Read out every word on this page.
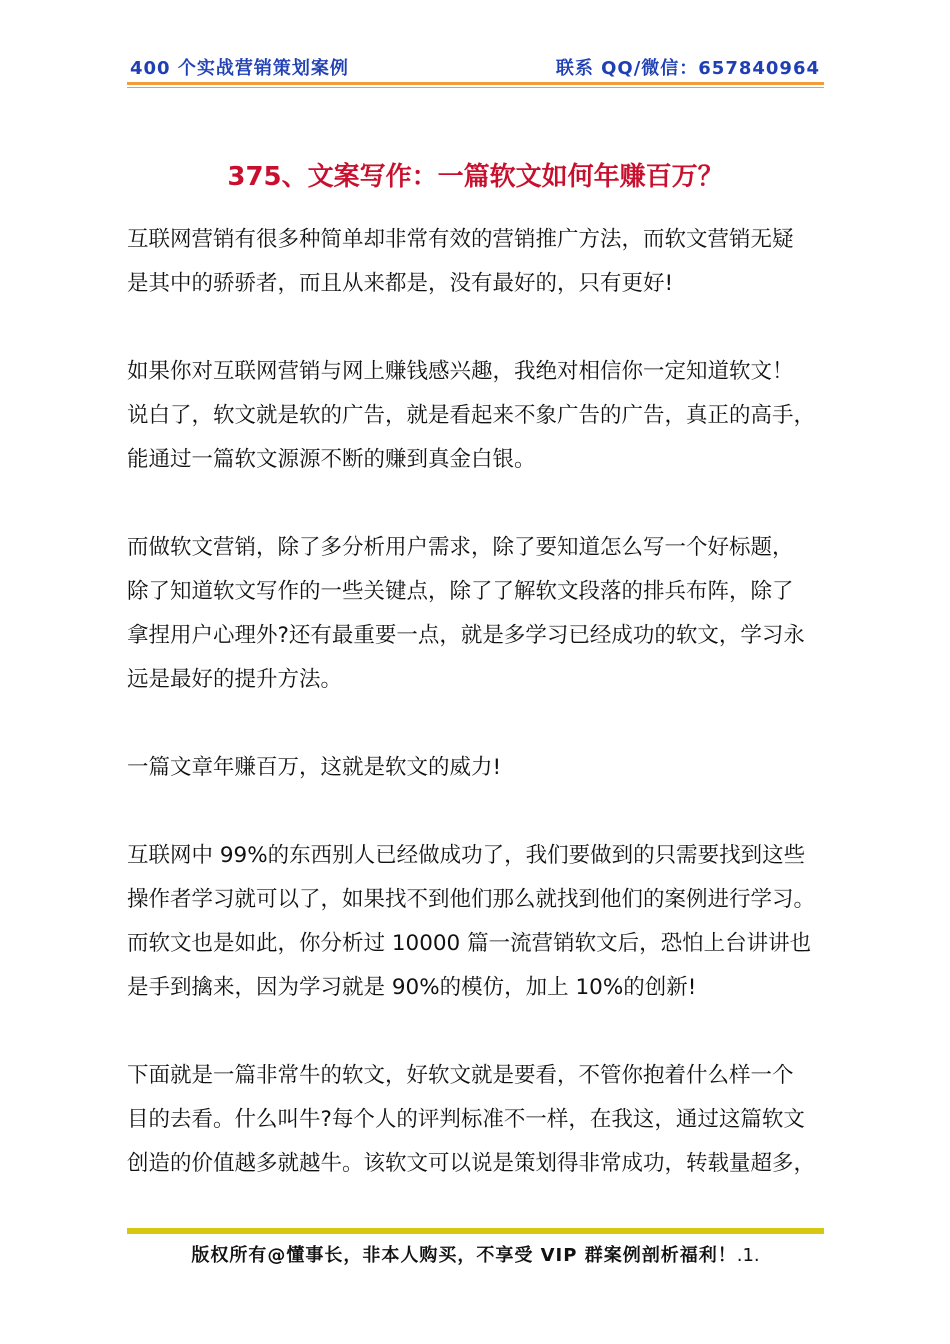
400 个实战营销策划案例	联系 QQ/微信：657840964
375、文案写作：一篇软文如何年赚百万？

互联网营销有很多种简单却非常有效的营销推广方法，而软文营销无疑
是其中的骄骄者，而且从来都是，没有最好的，只有更好!

如果你对互联网营销与网上赚钱感兴趣，我绝对相信你一定知道软文！
说白了，软文就是软的广告，就是看起来不象广告的广告，真正的高手，
能通过一篇软文源源不断的赚到真金白银。

而做软文营销，除了多分析用户需求，除了要知道怎么写一个好标题，
除了知道软文写作的一些关键点，除了了解软文段落的排兵布阵，除了
拿捏用户心理外?还有最重要一点，就是多学习已经成功的软文，学习永
远是最好的提升方法。

一篇文章年赚百万，这就是软文的威力!

互联网中 99%的东西别人已经做成功了，我们要做到的只需要找到这些
操作者学习就可以了，如果找不到他们那么就找到他们的案例进行学习。
而软文也是如此，你分析过 10000 篇一流营销软文后，恐怕上台讲讲也
是手到擒来，因为学习就是 90%的模仿，加上 10%的创新!

下面就是一篇非常牛的软文，好软文就是要看，不管你抱着什么样一个
目的去看。什么叫牛?每个人的评判标准不一样，在我这，通过这篇软文
创造的价值越多就越牛。该软文可以说是策划得非常成功，转载量超多，

版权所有@懂事长，非本人购买，不享受 VIP 群案例剖析福利！.1.
